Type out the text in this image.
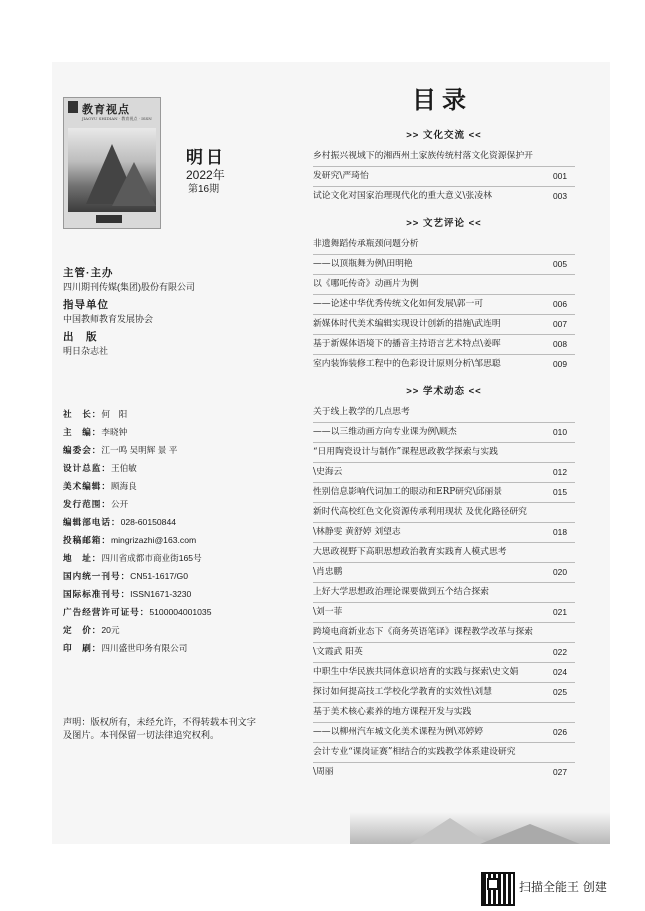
教育视点
JIAOYU SHIDIAN · 教育视点 · ISSN
明日
2022年
第16期
主管·主办
四川期刊传媒(集团)股份有限公司
指导单位
中国教师教育发展协会
出　版
明日杂志社
社　长：何　阳
主　编：李晓钟
编委会：江一鸣 吴明辉 景 平
设计总监：王伯敏
美术编辑：顾海良
发行范围：公开
编辑部电话：028-60150844
投稿邮箱：mingrizazhi@163.com
地　址：四川省成都市商业街165号
国内统一刊号：CN51-1617/G0
国际标准刊号：ISSN1671-3230
广告经营许可证号：5100004001035
定　价：20元
印　刷：四川盛世印务有限公司
声明：版权所有，未经允许，不得转载本刊文字及图片。本刊保留一切法律追究权利。
目录
>> 文化交流 <<
乡村振兴视域下的湘西州土家族传统村落文化资源保护开
发研究\严琦怡	001
试论文化对国家治理现代化的重大意义\张凌林	003
>> 文艺评论 <<
非遗舞蹈传承瓶颈问题分析
——以顶瓶舞为例\田明艳	005
以《哪吒传奇》动画片为例
——论述中华优秀传统文化如何发展\郭一可	006
新媒体时代美术编辑实现设计创新的措施\武连明	007
基于新媒体语境下的播音主持语言艺术特点\姜晖	008
室内装饰装修工程中的色彩设计原则分析\邹思聪	009
>> 学术动态 <<
关于线上教学的几点思考
——以三维动画方向专业课为例\顾杰	010
“日用陶瓷设计与制作”课程思政教学探索与实践
\史海云	012
性别信息影响代词加工的眼动和ERP研究\邱丽景	015
新时代高校红色文化资源传承利用现状 及优化路径研究
\林静雯 黄舒婷 刘望志	018
大思政视野下高职思想政治教育实践育人模式思考
\肖忠鹏	020
上好大学思想政治理论课要做到五个结合探索
\刘一菲	021
跨境电商新业态下《商务英语笔译》课程教学改革与探索
\文霞武 阳英	022
中职生中华民族共同体意识培育的实践与探索\史文娟	024
探讨如何提高技工学校化学教育的实效性\刘慧	025
基于美术核心素养的地方课程开发与实践
——以柳州汽车城文化美术课程为例\邓婷婷	026
会计专业“课岗证赛”相结合的实践教学体系建设研究
\周丽	027
扫描全能王 创建
